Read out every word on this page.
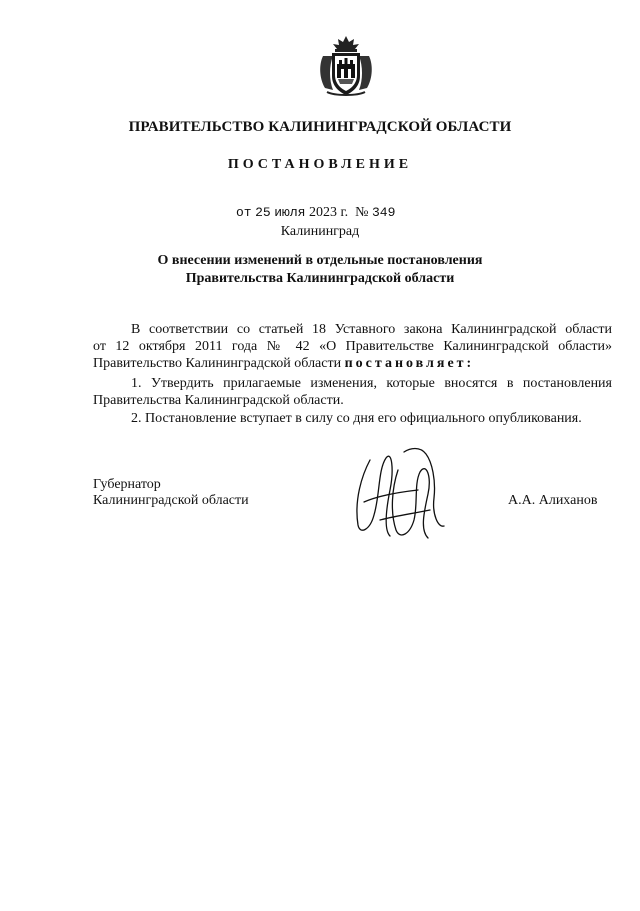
ПРАВИТЕЛЬСТВО КАЛИНИНГРАДСКОЙ ОБЛАСТИ
ПОСТАНОВЛЕНИЕ
от 25 июля 2023 г. № 349
Калининград
О внесении изменений в отдельные постановления
Правительства Калининградской области
В соответствии со статьей 18 Уставного закона Калининградской области
от 12 октября 2011 года № 42 «О Правительстве Калининградской области»
Правительство Калининградской области постановляет:
1. Утвердить прилагаемые изменения, которые вносятся в постановления
Правительства Калининградской области.
2. Постановление вступает в силу со дня его официального опубликования.
Губернатор
Калининградской области	А.А. Алиханов
